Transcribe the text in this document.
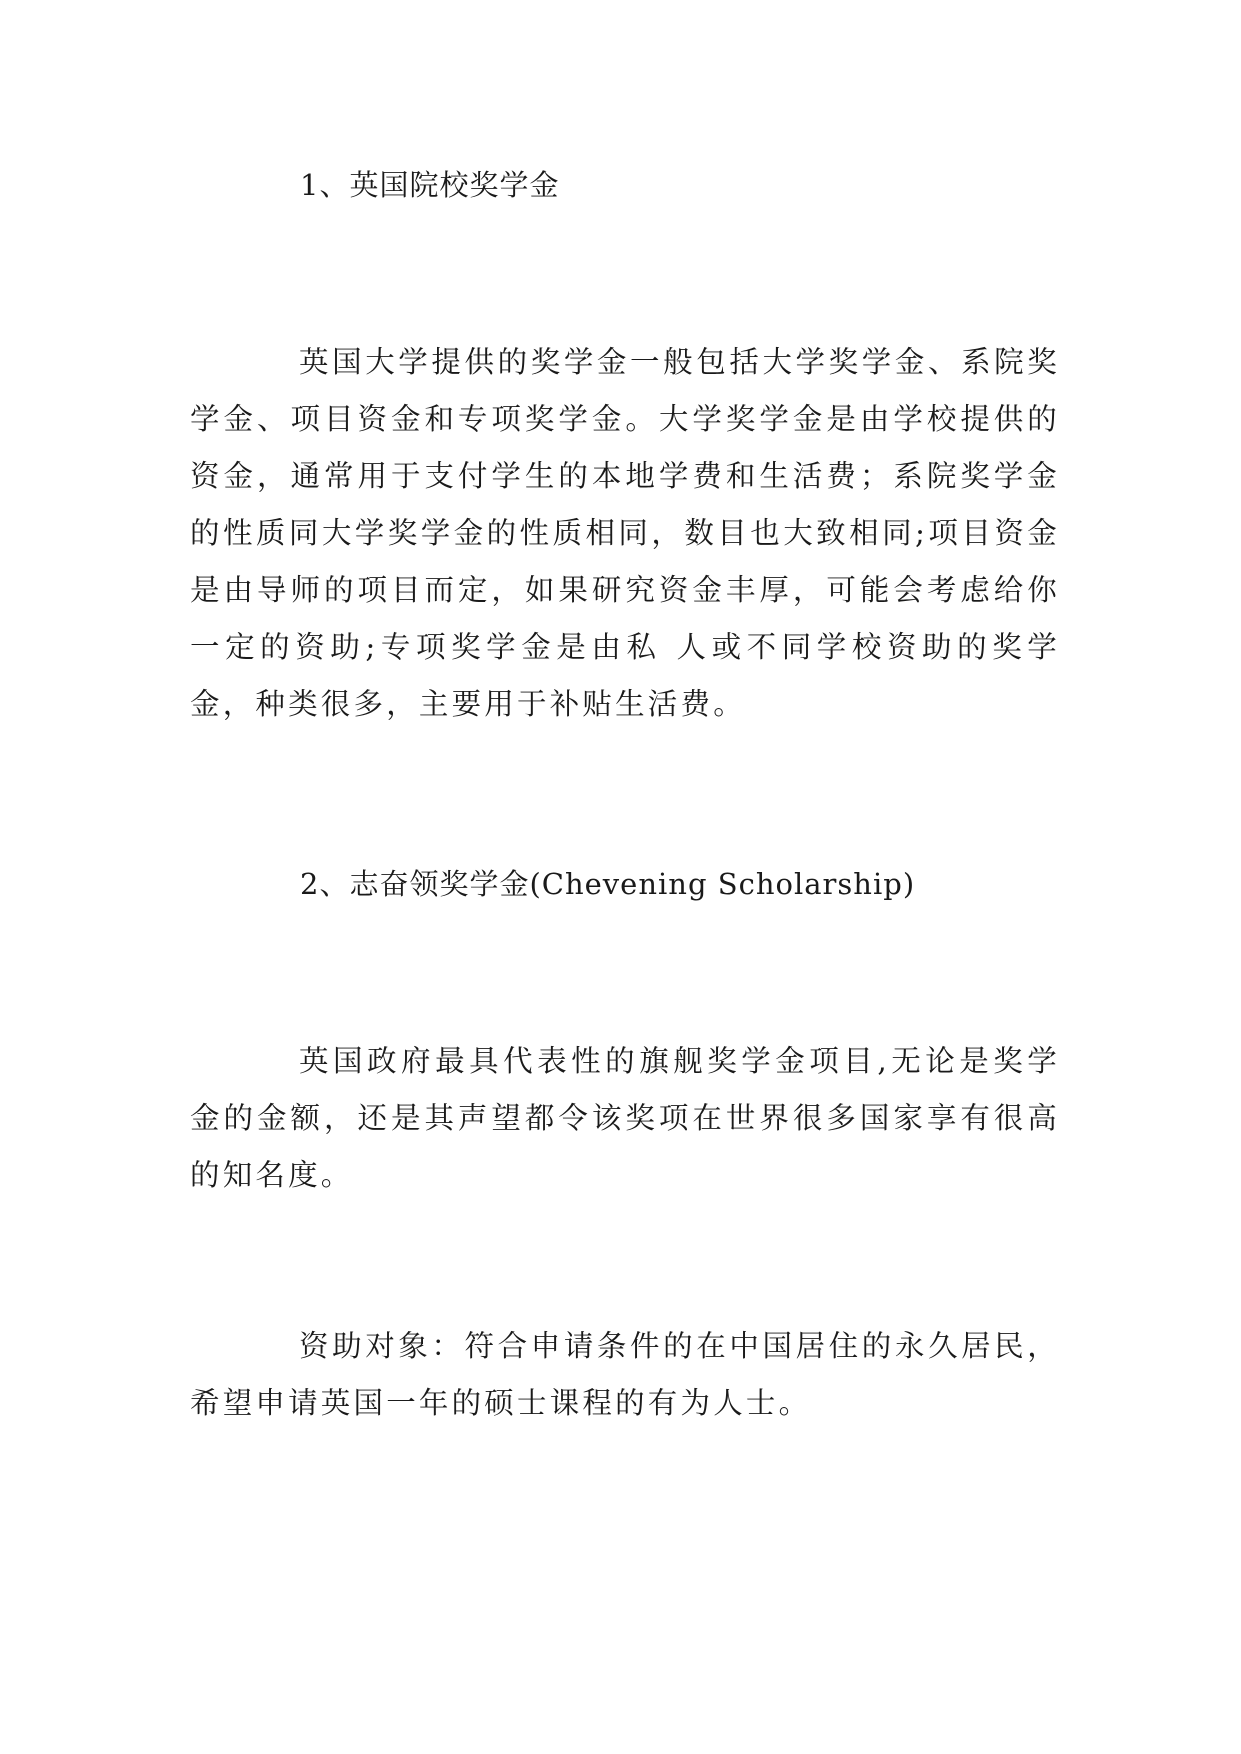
1、英国院校奖学金
英国大学提供的奖学金一般包括大学奖学金、系院奖学金、项目资金和专项奖学金。大学奖学金是由学校提供的资金，通常用于支付学生的本地学费和生活费；系院奖学金的性质同大学奖学金的性质相同，数目也大致相同;项目资金是由导师的项目而定，如果研究资金丰厚，可能会考虑给你一定的资助;专项奖学金是由私 人或不同学校资助的奖学金，种类很多，主要用于补贴生活费。
2、志奋领奖学金(Chevening Scholarship)
英国政府最具代表性的旗舰奖学金项目,无论是奖学金的金额，还是其声望都令该奖项在世界很多国家享有很高的知名度。
资助对象：符合申请条件的在中国居住的永久居民，希望申请英国一年的硕士课程的有为人士。
